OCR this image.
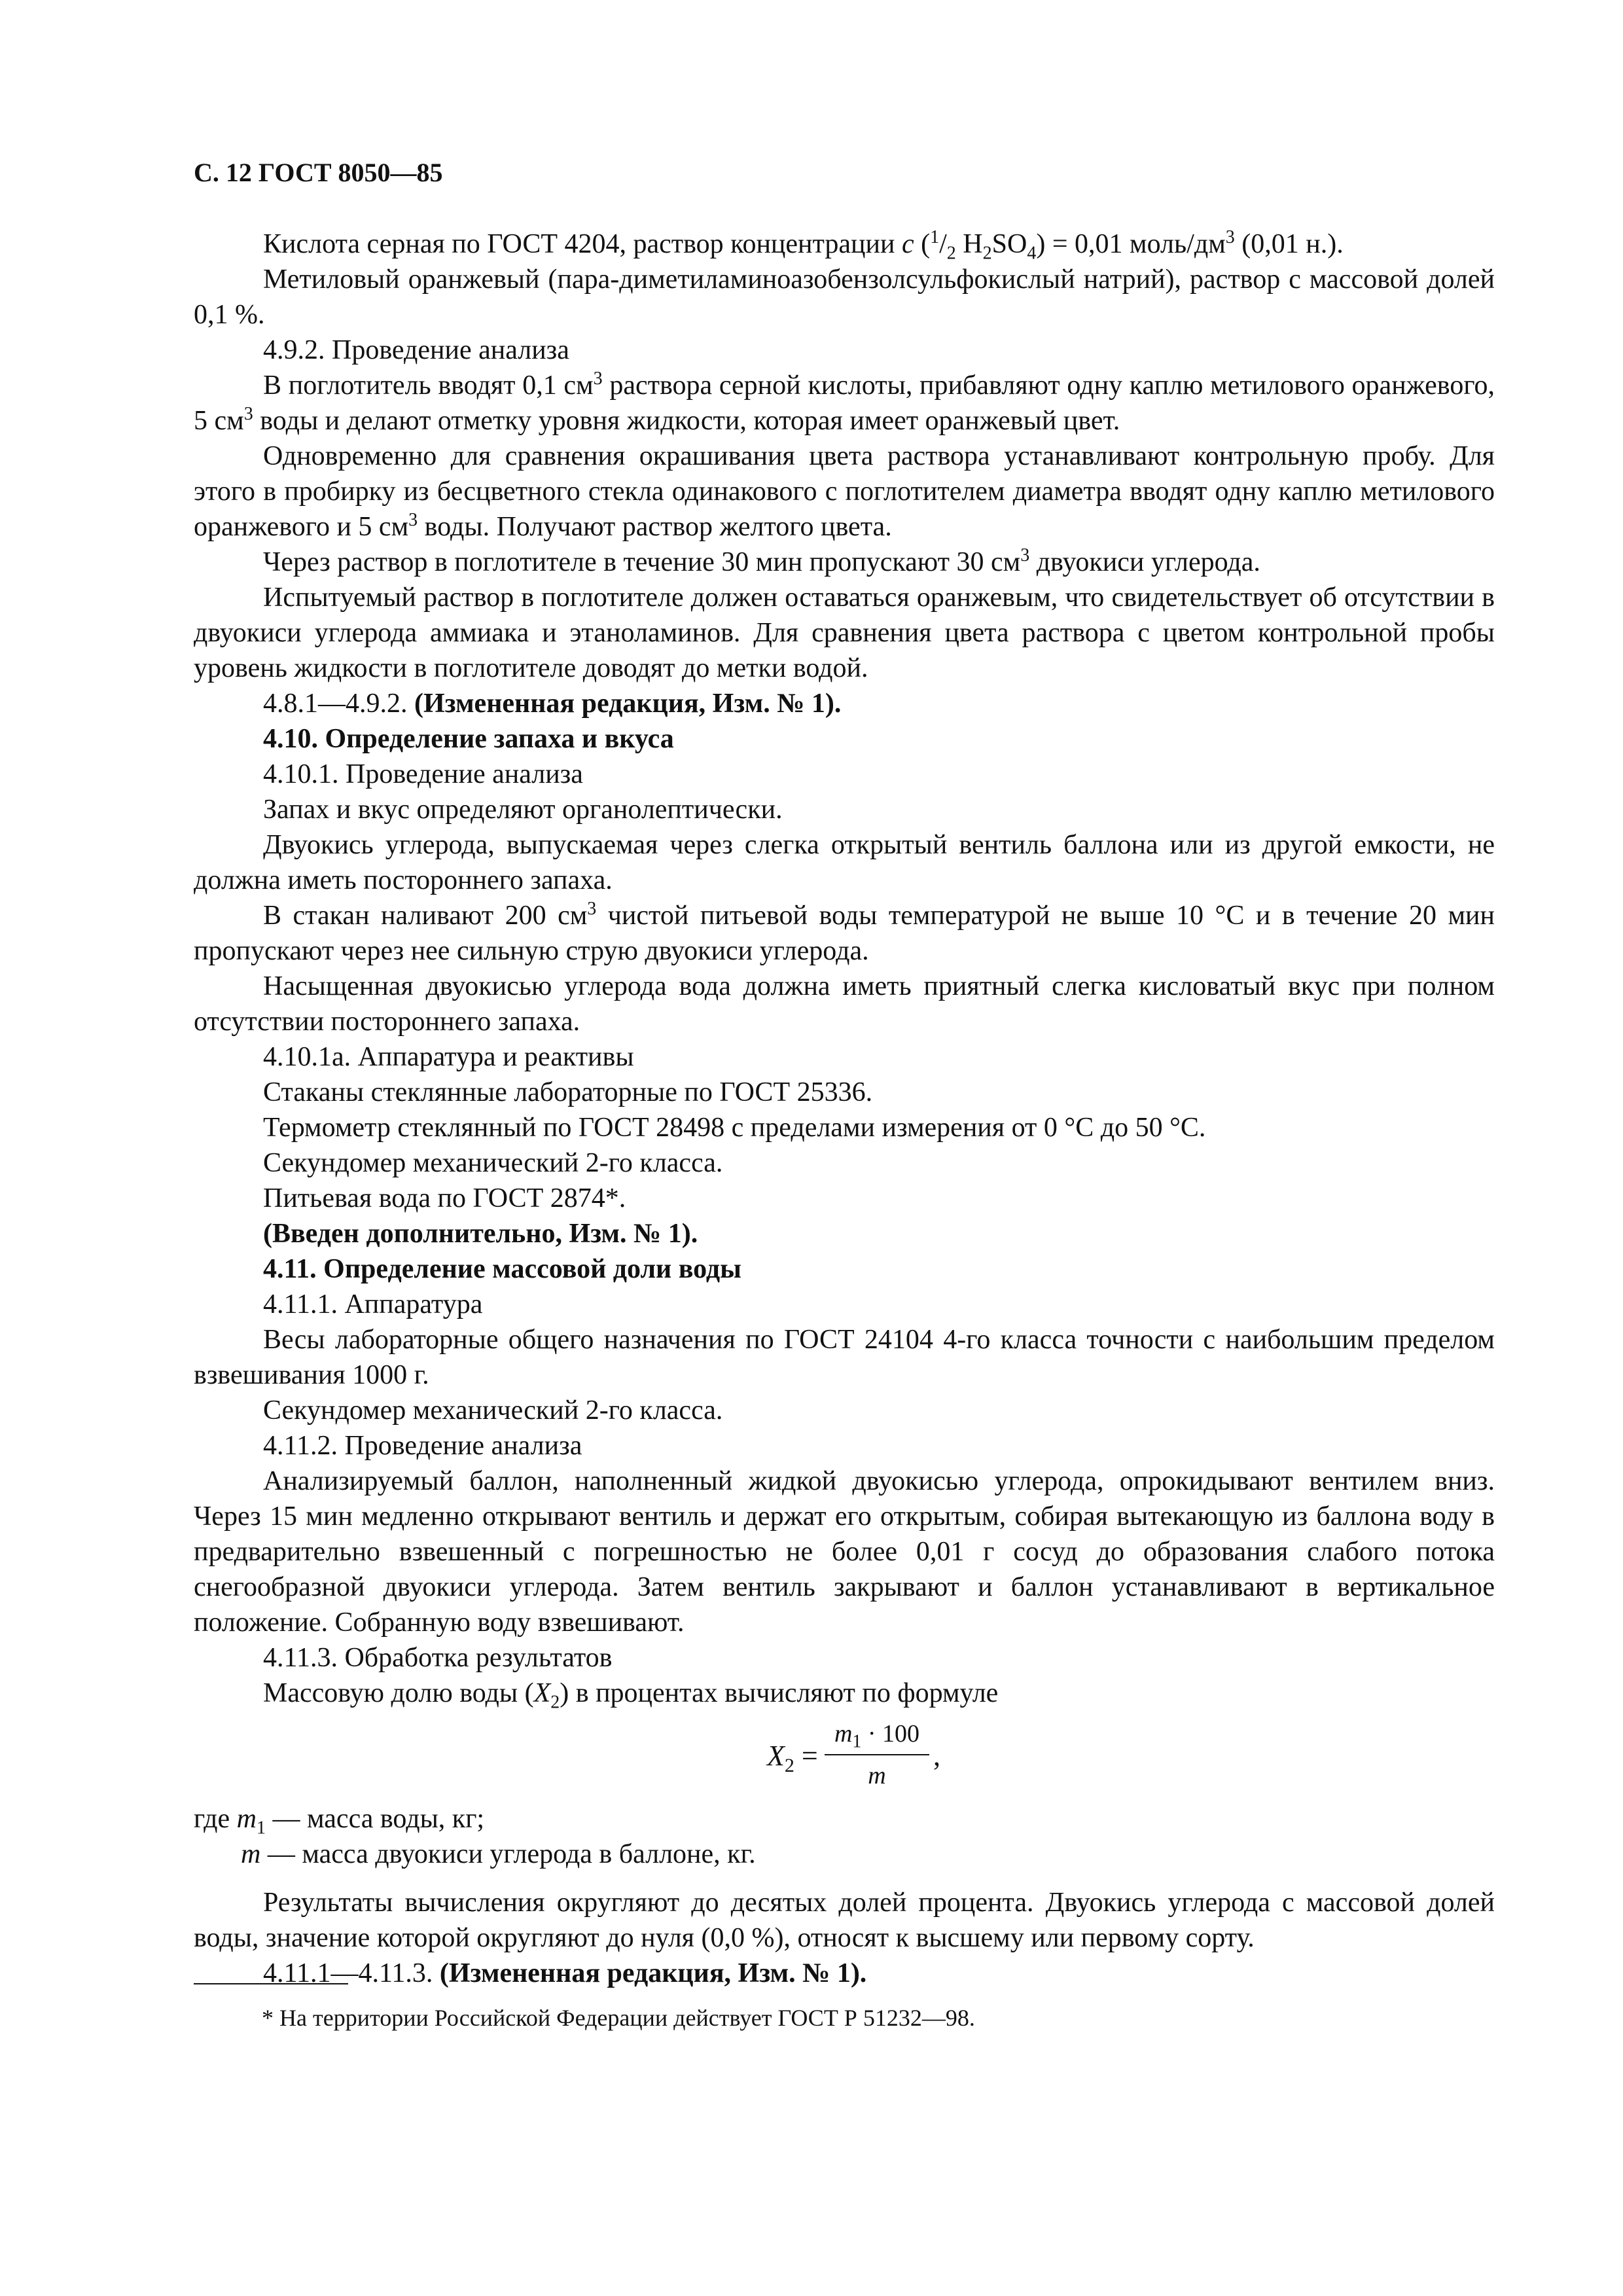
С. 12 ГОСТ 8050—85

Кислота серная по ГОСТ 4204, раствор концентрации c ($^1/_2$ $H_2SO_4) = 0,01$ моль/$дм^3$ (0,01 н.).

Метиловый оранжевый (пара-диметиламиноазобензолсульфокислый натрий), раствор с массовой долей 0,1 %.

4.9.2. Проведение анализа

В поглотитель вводят 0,1 $см^3$ раствора серной кислоты, прибавляют одну каплю метилового оранжевого, 5 $см^3$ воды и делают отметку уровня жидкости, которая имеет оранжевый цвет.

Одновременно для сравнения окрашивания цвета раствора устанавливают контрольную пробу. Для этого в пробирку из бесцветного стекла одинакового с поглотителем диаметра вводят одну каплю метилового оранжевого и 5 $см^3$ воды. Получают раствор желтого цвета.

Через раствор в поглотителе в течение 30 мин пропускают 30 $см^3$ двуокиси углерода.

Испытуемый раствор в поглотителе должен оставаться оранжевым, что свидетельствует об отсутствии в двуокиси углерода аммиака и этаноламинов. Для сравнения цвета раствора с цветом контрольной пробы уровень жидкости в поглотителе доводят до метки водой.

4.8.1—4.9.2. (Измененная редакция, Изм. № 1).

4.10. Определение запаха и вкуса

4.10.1. Проведение анализа

Запах и вкус определяют органолептически.

Двуокись углерода, выпускаемая через слегка открытый вентиль баллона или из другой емкости, не должна иметь постороннего запаха.

В стакан наливают 200 $см^3$ чистой питьевой воды температурой не выше 10 °С и в течение 20 мин пропускают через нее сильную струю двуокиси углерода.

Насыщенная двуокисью углерода вода должна иметь приятный слегка кисловатый вкус при полном отсутствии постороннего запаха.

4.10.1а. Аппаратура и реактивы

Стаканы стеклянные лабораторные по ГОСТ 25336.

Термометр стеклянный по ГОСТ 28498 с пределами измерения от 0 °С до 50 °С.

Секундомер механический 2-го класса.

Питьевая вода по ГОСТ 2874*.

(Введен дополнительно, Изм. № 1).

4.11. Определение массовой доли воды

4.11.1. Аппаратура

Весы лабораторные общего назначения по ГОСТ 24104 4-го класса точности с наибольшим пределом взвешивания 1000 г.

Секундомер механический 2-го класса.

4.11.2. Проведение анализа

Анализируемый баллон, наполненный жидкой двуокисью углерода, опрокидывают вентилем вниз. Через 15 мин медленно открывают вентиль и держат его открытым, собирая вытекающую из баллона воду в предварительно взвешенный с погрешностью не более 0,01 г сосуд до образования слабого потока снегообразной двуокиси углерода. Затем вентиль закрывают и баллон устанавливают в вертикальное положение. Собранную воду взвешивают.

4.11.3. Обработка результатов

Массовую долю воды $(X_2)$ в процентах вычисляют по формуле

$X_2 = \frac{m_1 \cdot 100}{m}$ ,

где $m_1$ — масса воды, кг;

m — масса двуокиси углерода в баллоне, кг.

Результаты вычисления округляют до десятых долей процента. Двуокись углерода с массовой долей воды, значение которой округляют до нуля (0,0 %), относят к высшему или первому сорту.

4.11.1—4.11.3. (Измененная редакция, Изм. № 1).

* На территории Российской Федерации действует ГОСТ Р 51232—98.
